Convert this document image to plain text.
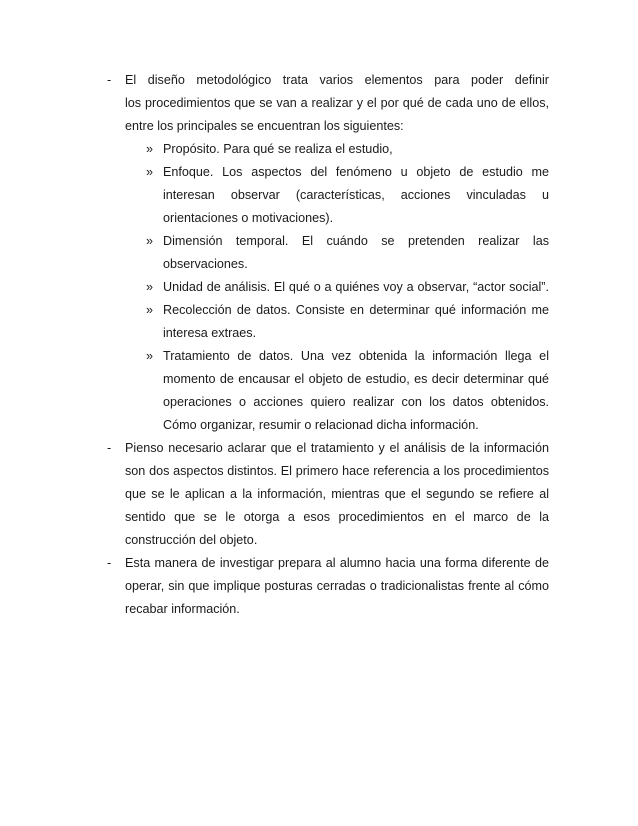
- El diseño metodológico trata varios elementos para poder definir
los procedimientos que se van a realizar y el por qué de cada uno de ellos,
entre los principales se encuentran los siguientes:
» Propósito. Para qué se realiza el estudio,
» Enfoque. Los aspectos del fenómeno u objeto de estudio me
interesan observar (características, acciones vinculadas u
orientaciones o motivaciones).
» Dimensión temporal. El cuándo se pretenden realizar las
observaciones.
» Unidad de análisis. El qué o a quiénes voy a observar, “actor social”.
» Recolección de datos. Consiste en determinar qué información me
interesa extraes.
» Tratamiento de datos. Una vez obtenida la información llega el
momento de encausar el objeto de estudio, es decir determinar qué
operaciones o acciones quiero realizar con los datos obtenidos.
Cómo organizar, resumir o relacionad dicha información.
- Pienso necesario aclarar que el tratamiento y el análisis de la información
son dos aspectos distintos. El primero hace referencia a los procedimientos
que se le aplican a la información, mientras que el segundo se refiere al
sentido que se le otorga a esos procedimientos en el marco de la
construcción del objeto.
- Esta manera de investigar prepara al alumno hacia una forma diferente de
operar, sin que implique posturas cerradas o tradicionalistas frente al cómo
recabar información.
